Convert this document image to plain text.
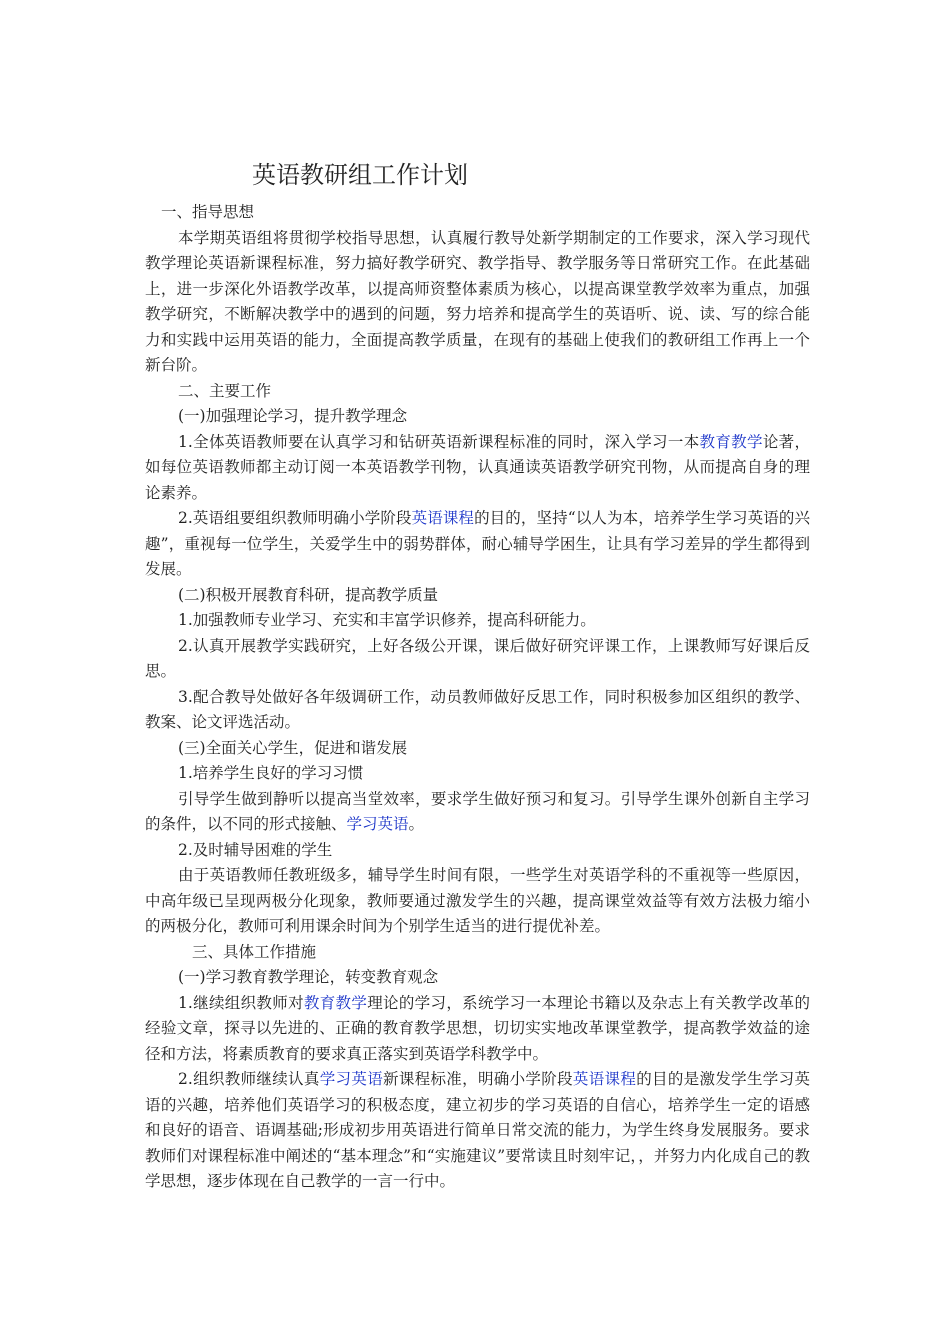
英语教研组工作计划

一、指导思想

本学期英语组将贯彻学校指导思想，认真履行教导处新学期制定的工作要求，深入学习现代教学理论英语新课程标准，努力搞好教学研究、教学指导、教学服务等日常研究工作。在此基础上，进一步深化外语教学改革，以提高师资整体素质为核心，以提高课堂教学效率为重点，加强教学研究，不断解决教学中的遇到的问题，努力培养和提高学生的英语听、说、读、写的综合能力和实践中运用英语的能力，全面提高教学质量，在现有的基础上使我们的教研组工作再上一个新台阶。

二、主要工作

(一)加强理论学习，提升教学理念

1.全体英语教师要在认真学习和钻研英语新课程标准的同时，深入学习一本教育教学论著，如每位英语教师都主动订阅一本英语教学刊物，认真通读英语教学研究刊物，从而提高自身的理论素养。

2.英语组要组织教师明确小学阶段英语课程的目的，坚持“以人为本，培养学生学习英语的兴趣”，重视每一位学生，关爱学生中的弱势群体，耐心辅导学困生，让具有学习差异的学生都得到发展。

(二)积极开展教育科研，提高教学质量

1.加强教师专业学习、充实和丰富学识修养，提高科研能力。

2.认真开展教学实践研究，上好各级公开课，课后做好研究评课工作，上课教师写好课后反思。

3.配合教导处做好各年级调研工作，动员教师做好反思工作，同时积极参加区组织的教学、教案、论文评选活动。

(三)全面关心学生，促进和谐发展

1.培养学生良好的学习习惯

引导学生做到静听以提高当堂效率，要求学生做好预习和复习。引导学生课外创新自主学习的条件，以不同的形式接触、学习英语。

2.及时辅导困难的学生

由于英语教师任教班级多，辅导学生时间有限，一些学生对英语学科的不重视等一些原因，中高年级已呈现两极分化现象，教师要通过激发学生的兴趣，提高课堂效益等有效方法极力缩小的两极分化，教师可利用课余时间为个别学生适当的进行提优补差。

三、具体工作措施

(一)学习教育教学理论，转变教育观念

1.继续组织教师对教育教学理论的学习，系统学习一本理论书籍以及杂志上有关教学改革的经验文章，探寻以先进的、正确的教育教学思想，切切实实地改革课堂教学，提高教学效益的途径和方法，将素质教育的要求真正落实到英语学科教学中。

2.组织教师继续认真学习英语新课程标准，明确小学阶段英语课程的目的是激发学生学习英语的兴趣，培养他们英语学习的积极态度，建立初步的学习英语的自信心，培养学生一定的语感和良好的语音、语调基础;形成初步用英语进行简单日常交流的能力，为学生终身发展服务。要求教师们对课程标准中阐述的“基本理念”和“实施建议”要常读且时刻牢记，，并努力内化成自己的教学思想，逐步体现在自己教学的一言一行中。
